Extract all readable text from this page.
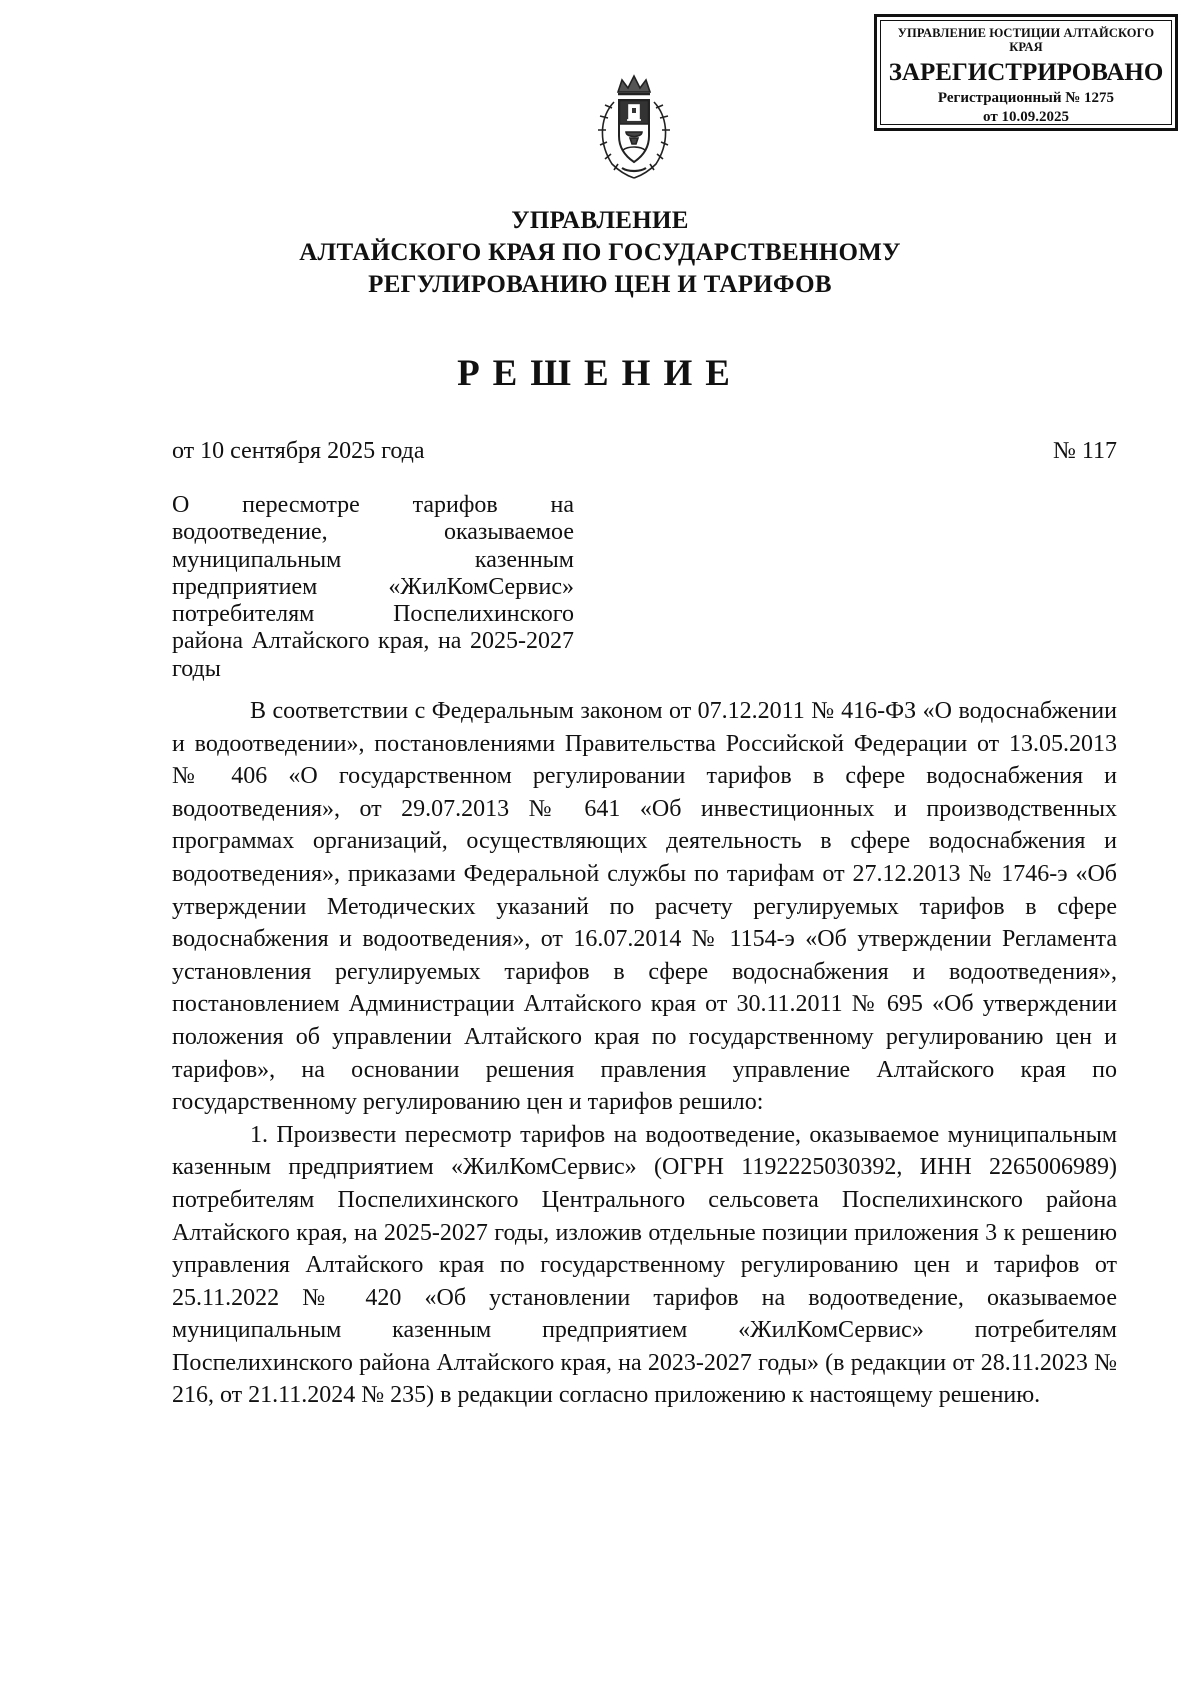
УПРАВЛЕНИЕ ЮСТИЦИИ АЛТАЙСКОГО КРАЯ
ЗАРЕГИСТРИРОВАНО
Регистрационный № 1275
от 10.09.2025
УПРАВЛЕНИЕ
АЛТАЙСКОГО КРАЯ ПО ГОСУДАРСТВЕННОМУ
РЕГУЛИРОВАНИЮ ЦЕН И ТАРИФОВ
РЕШЕНИЕ
от 10 сентября 2025 года	№ 117
О пересмотре тарифов на водоотведение, оказываемое муниципальным казенным предприятием «ЖилКомСервис» потребителям Поспелихинского района Алтайского края, на 2025-2027 годы

В соответствии с Федеральным законом от 07.12.2011 № 416-ФЗ «О водоснабжении и водоотведении», постановлениями Правительства Российской Федерации от 13.05.2013 № 406 «О государственном регулировании тарифов в сфере водоснабжения и водоотведения», от 29.07.2013 № 641 «Об инвестиционных и производственных программах организаций, осуществляющих деятельность в сфере водоснабжения и водоотведения», приказами Федеральной службы по тарифам от 27.12.2013 № 1746-э «Об утверждении Методических указаний по расчету регулируемых тарифов в сфере водоснабжения и водоотведения», от 16.07.2014 № 1154-э «Об утверждении Регламента установления регулируемых тарифов в сфере водоснабжения и водоотведения», постановлением Администрации Алтайского края от 30.11.2011 № 695 «Об утверждении положения об управлении Алтайского края по государственному регулированию цен и тарифов», на основании решения правления управление Алтайского края по государственному регулированию цен и тарифов решило:

1. Произвести пересмотр тарифов на водоотведение, оказываемое муниципальным казенным предприятием «ЖилКомСервис» (ОГРН 1192225030392, ИНН 2265006989) потребителям Поспелихинского Центрального сельсовета Поспелихинского района Алтайского края, на 2025-2027 годы, изложив отдельные позиции приложения 3 к решению управления Алтайского края по государственному регулированию цен и тарифов от 25.11.2022 № 420 «Об установлении тарифов на водоотведение, оказываемое муниципальным казенным предприятием «ЖилКомСервис» потребителям Поспелихинского района Алтайского края, на 2023-2027 годы» (в редакции от 28.11.2023 № 216, от 21.11.2024 № 235) в редакции согласно приложению к настоящему решению.
